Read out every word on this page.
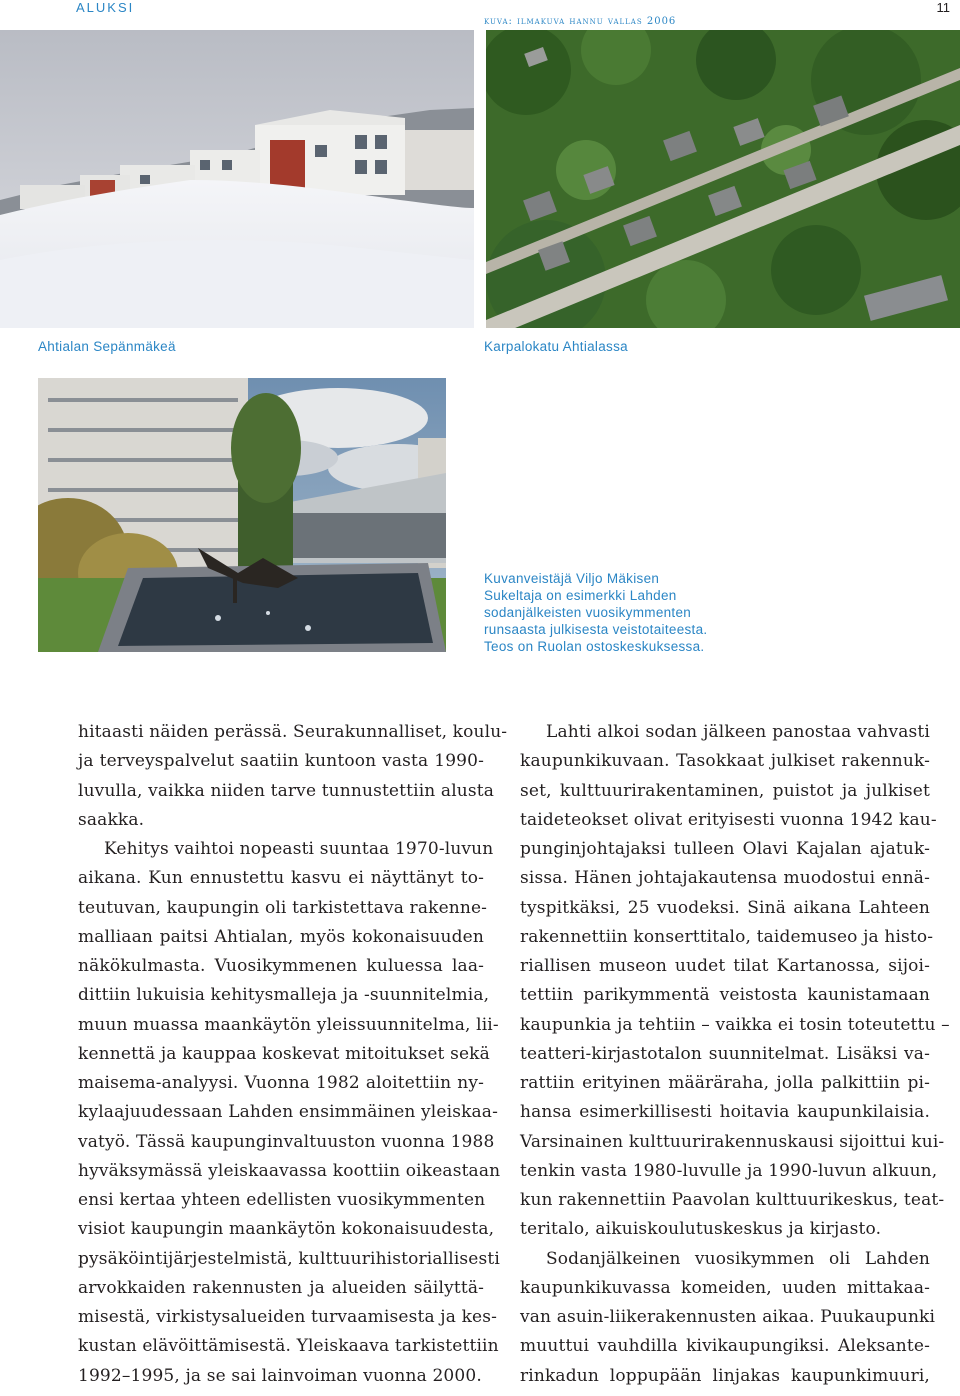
ALUKSI	11
kuva: ilmakuva hannu vallas 2006
Ahtialan Sepänmäkeä	Karpalokatu Ahtialassa
Kuvanveistäjä Viljo Mäkisen
Sukeltaja on esimerkki Lahden
sodanjälkeisten vuosikymmenten
runsaasta julkisesta veistotaiteesta.
Teos on Ruolan ostoskeskuksessa.
hitaasti näiden perässä. Seurakunnalliset, koulu-
ja terveyspalvelut saatiin kuntoon vasta 1990-
luvulla, vaikka niiden tarve tunnustettiin alusta
saakka.
Kehitys vaihtoi nopeasti suuntaa 1970-luvun
aikana. Kun ennustettu kasvu ei näyttänyt to-
teutuvan, kaupungin oli tarkistettava rakenne-
malliaan paitsi Ahtialan, myös kokonaisuuden
näkökulmasta. Vuosikymmenen kuluessa laa-
dittiin lukuisia kehitysmalleja ja -suunnitelmia,
muun muassa maankäytön yleissuunnitelma, lii-
kennettä ja kauppaa koskevat mitoitukset sekä
maisema-analyysi. Vuonna 1982 aloitettiin ny-
kylaajuudessaan Lahden ensimmäinen yleiskaa-
vatyö. Tässä kaupunginvaltuuston vuonna 1988
hyväksymässä yleiskaavassa koottiin oikeastaan
ensi kertaa yhteen edellisten vuosikymmenten
visiot kaupungin maankäytön kokonaisuudesta,
pysäköintijärjestelmistä, kulttuurihistoriallisesti
arvokkaiden rakennusten ja alueiden säilyttä-
misestä, virkistysalueiden turvaamisesta ja kes-
kustan elävöittämisestä. Yleiskaava tarkistettiin
1992–1995, ja se sai lainvoiman vuonna 2000.
Lahti alkoi sodan jälkeen panostaa vahvasti
kaupunkikuvaan. Tasokkaat julkiset rakennuk-
set, kulttuurirakentaminen, puistot ja julkiset
taideteokset olivat erityisesti vuonna 1942 kau-
punginjohtajaksi tulleen Olavi Kajalan ajatuk-
sissa. Hänen johtajakautensa muodostui ennä-
tyspitkäksi, 25 vuodeksi. Sinä aikana Lahteen
rakennettiin konserttitalo, taidemuseo ja histo-
riallisen museon uudet tilat Kartanossa, sijoi-
tettiin parikymmentä veistosta kaunistamaan
kaupunkia ja tehtiin – vaikka ei tosin toteutettu –
teatteri-kirjastotalon suunnitelmat. Lisäksi va-
rattiin erityinen määräraha, jolla palkittiin pi-
hansa esimerkillisesti hoitavia kaupunkilaisia.
Varsinainen kulttuurirakennuskausi sijoittui kui-
tenkin vasta 1980-luvulle ja 1990-luvun alkuun,
kun rakennettiin Paavolan kulttuurikeskus, teat-
teritalo, aikuiskoulutuskeskus ja kirjasto.
Sodanjälkeinen vuosikymmen oli Lahden
kaupunkikuvassa komeiden, uuden mittakaa-
van asuin-liikerakennusten aikaa. Puukaupunki
muuttui vauhdilla kivikaupungiksi. Aleksante-
rinkadun loppupään linjakas kaupunkimuuri,
